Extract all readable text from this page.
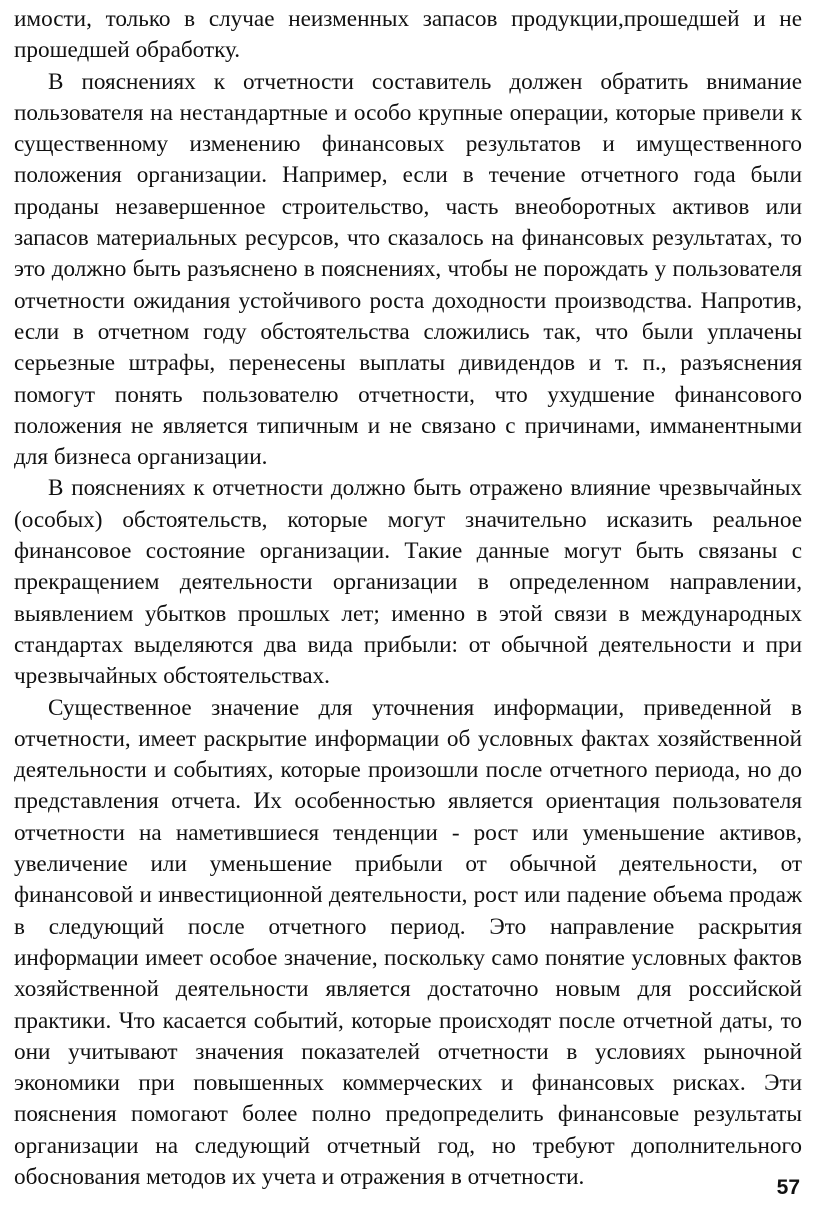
имости, только в случае неизменных запасов продукции,прошедшей и не прошедшей обработку.

В пояснениях к отчетности составитель должен обратить внимание пользователя на нестандартные и особо крупные операции, которые привели к существенному изменению финансовых результатов и имущественного положения организации. Например, если в течение отчетного года были проданы незавершенное строительство, часть внеоборотных активов или запасов материальных ресурсов, что сказалось на финансовых результатах, то это должно быть разъяснено в пояснениях, чтобы не порождать у пользователя отчетности ожидания устойчивого роста доходности производства. Напротив, если в отчетном году обстоятельства сложились так, что были уплачены серьезные штрафы, перенесены выплаты дивидендов и т. п., разъяснения помогут понять пользователю отчетности, что ухудшение финансового положения не является типичным и не связано с причинами, имманентными для бизнеса организации.

В пояснениях к отчетности должно быть отражено влияние чрезвычайных (особых) обстоятельств, которые могут значительно исказить реальное финансовое состояние организации. Такие данные могут быть связаны с прекращением деятельности организации в определенном направлении, выявлением убытков прошлых лет; именно в этой связи в международных стандартах выделяются два вида прибыли: от обычной деятельности и при чрезвычайных обстоятельствах.

Существенное значение для уточнения информации, приведенной в отчетности, имеет раскрытие информации об условных фактах хозяйственной деятельности и событиях, которые произошли после отчетного периода, но до представления отчета. Их особенностью является ориентация пользователя отчетности на наметившиеся тенденции - рост или уменьшение активов, увеличение или уменьшение прибыли от обычной деятельности, от финансовой и инвестиционной деятельности, рост или падение объема продаж в следующий после отчетного период. Это направление раскрытия информации имеет особое значение, поскольку само понятие условных фактов хозяйственной деятельности является достаточно новым для российской практики. Что касается событий, которые происходят после отчетной даты, то они учитывают значения показателей отчетности в условиях рыночной экономики при повышенных коммерческих и финансовых рисках. Эти пояснения помогают более полно предопределить финансовые результаты организации на следующий отчетный год, но требуют дополнительного обоснования методов их учета и отражения в отчетности.	57
